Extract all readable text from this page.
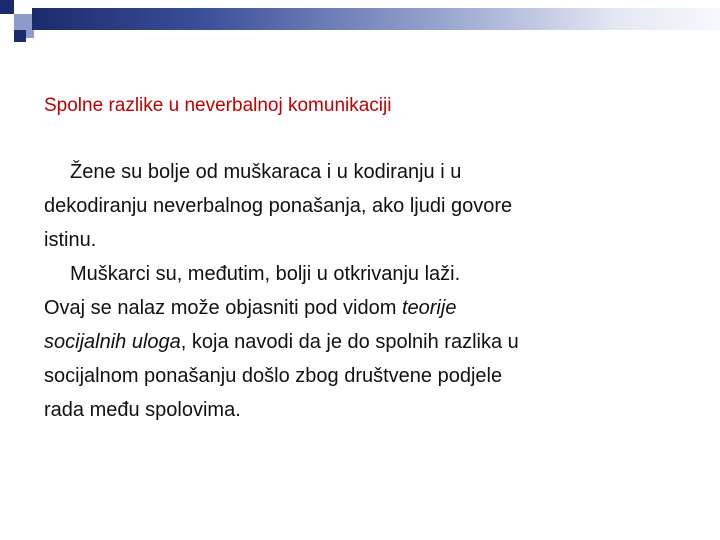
Spolne razlike u neverbalnoj komunikaciji
Žene su bolje od muškaraca i u kodiranju i u
dekodiranju neverbalnog ponašanja, ako ljudi govore
istinu.
Muškarci su, međutim, bolji u otkrivanju laži.
Ovaj se nalaz može objasniti pod vidom teorije
socijalnih uloga, koja navodi da je do spolnih razlika u
socijalnom ponašanju došlo zbog društvene podjele
rada među spolovima.
